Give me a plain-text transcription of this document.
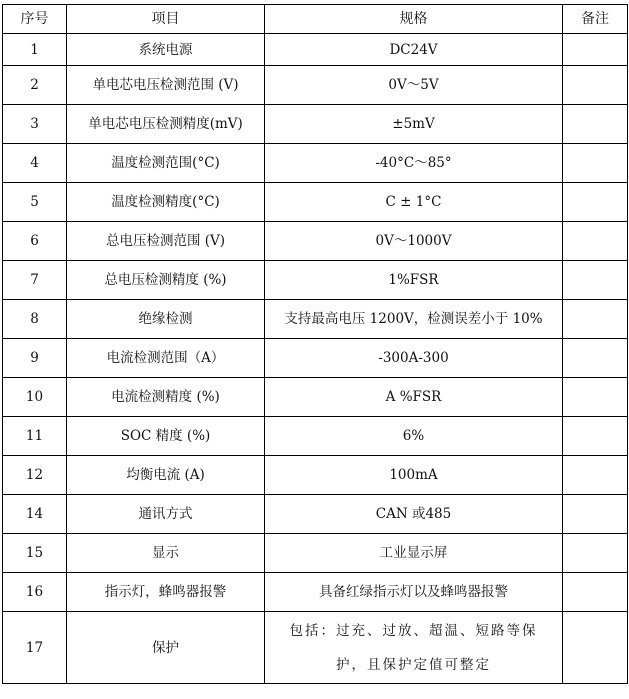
序号	项目	规格	备注
1	系统电源	DC24V	
2	单电芯电压检测范围 (V)	0V～5V	
3	单电芯电压检测精度(mV)	±5mV	
4	温度检测范围(°C)	-40°C～85°	
5	温度检测精度(°C)	C ± 1°C	
6	总电压检测范围 (V)	0V～1000V	
7	总电压检测精度 (%)	1%FSR	
8	绝缘检测	支持最高电压 1200V，检测误差小于 10%	
9	电流检测范围（A）	-300A-300	
10	电流检测精度 (%)	A %FSR	
11	SOC 精度 (%)	6%	
12	均衡电流 (A)	100mA	
14	通讯方式	CAN 或485	
15	显示	工业显示屏	
16	指示灯，蜂鸣器报警	具备红绿指示灯以及蜂鸣器报警	
17	保护	包括：过充、过放、超温、短路等保
护，且保护定值可整定	
